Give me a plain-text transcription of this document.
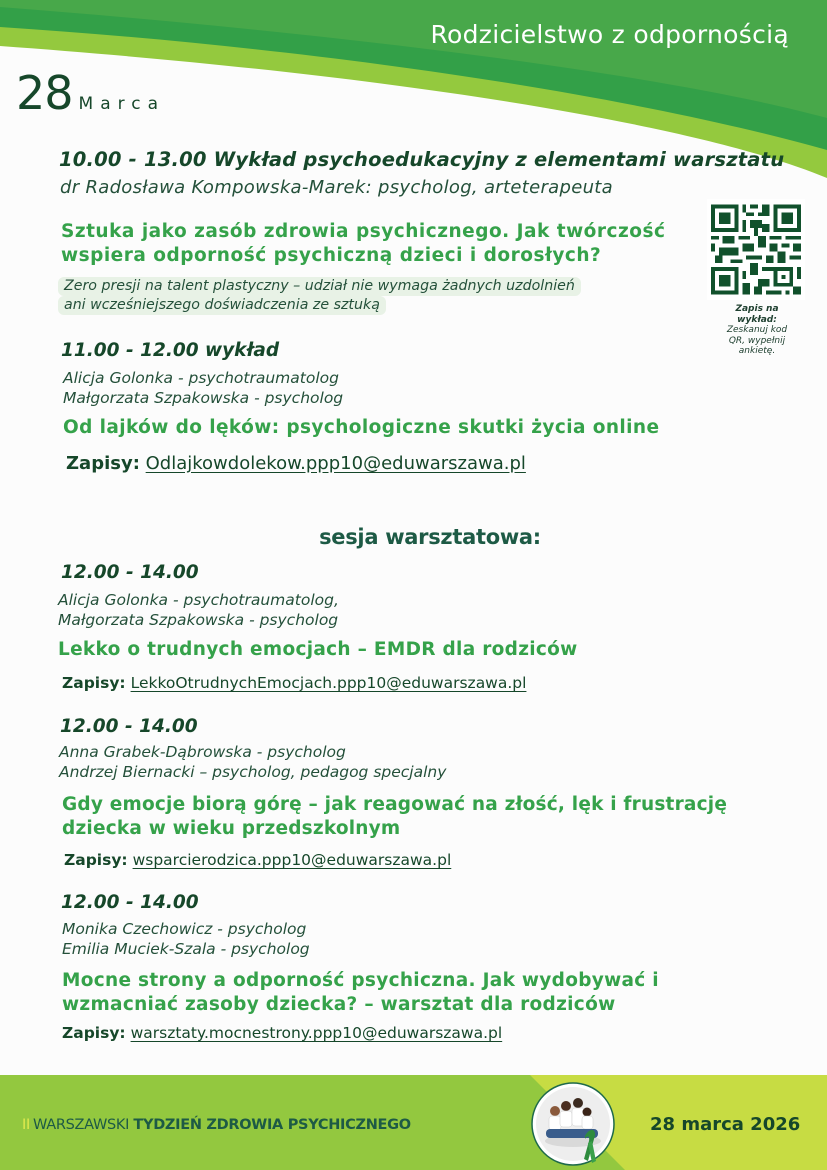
Rodzicielstwo z odpornością
28 Marca
10.00 - 13.00 Wykład psychoedukacyjny z elementami warsztatu
dr Radosława Kompowska-Marek: psycholog, arteterapeuta
Sztuka jako zasób zdrowia psychicznego. Jak twórczość
wspiera odporność psychiczną dzieci i dorosłych?
Zero presji na talent plastyczny – udział nie wymaga żadnych uzdolnień
ani wcześniejszego doświadczenia ze sztuką	Zapis na
wykład:
Zeskanuj kod
QR, wypełnij
ankietę.
11.00 - 12.00 wykład
Alicja Golonka - psychotraumatolog
Małgorzata Szpakowska - psycholog
Od lajków do lęków: psychologiczne skutki życia online
Zapisy: Odlajkowdolekow.ppp10@eduwarszawa.pl
sesja warsztatowa:
12.00 - 14.00
Alicja Golonka - psychotraumatolog,
Małgorzata Szpakowska - psycholog
Lekko o trudnych emocjach – EMDR dla rodziców
Zapisy: LekkoOtrudnychEmocjach.ppp10@eduwarszawa.pl
12.00 - 14.00
Anna Grabek-Dąbrowska - psycholog
Andrzej Biernacki – psycholog, pedagog specjalny
Gdy emocje biorą górę – jak reagować na złość, lęk i frustrację
dziecka w wieku przedszkolnym
Zapisy: wsparcierodzica.ppp10@eduwarszawa.pl
12.00 - 14.00
Monika Czechowicz - psycholog
Emilia Muciek-Szala - psycholog
Mocne strony a odporność psychiczna. Jak wydobywać i
wzmacniać zasoby dziecka? – warsztat dla rodziców
Zapisy: warsztaty.mocnestrony.ppp10@eduwarszawa.pl
II WARSZAWSKI TYDZIEŃ ZDROWIA PSYCHICZNEGO	28 marca 2026
